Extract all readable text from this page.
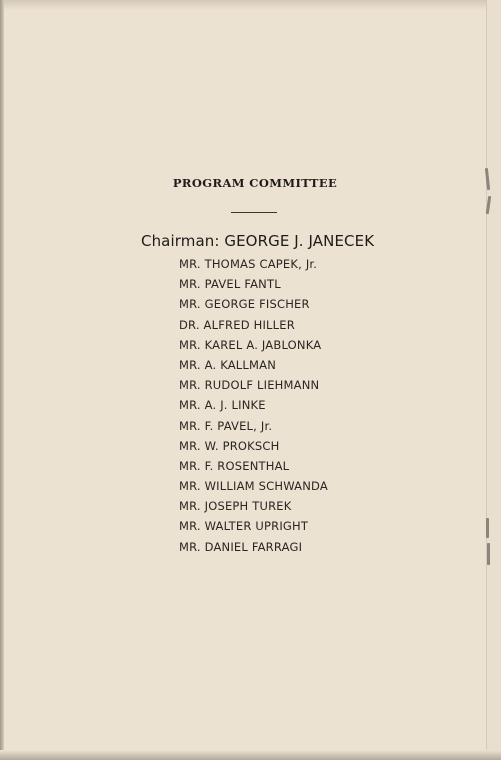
PROGRAM COMMITTEE
Chairman: GEORGE J. JANECEK
MR. THOMAS CAPEK, Jr.
MR. PAVEL FANTL
MR. GEORGE FISCHER
DR. ALFRED HILLER
MR. KAREL A. JABLONKA
MR. A. KALLMAN
MR. RUDOLF LIEHMANN
MR. A. J. LINKE
MR. F. PAVEL, Jr.
MR. W. PROKSCH
MR. F. ROSENTHAL
MR. WILLIAM SCHWANDA
MR. JOSEPH TUREK
MR. WALTER UPRIGHT
MR. DANIEL FARRAGI
